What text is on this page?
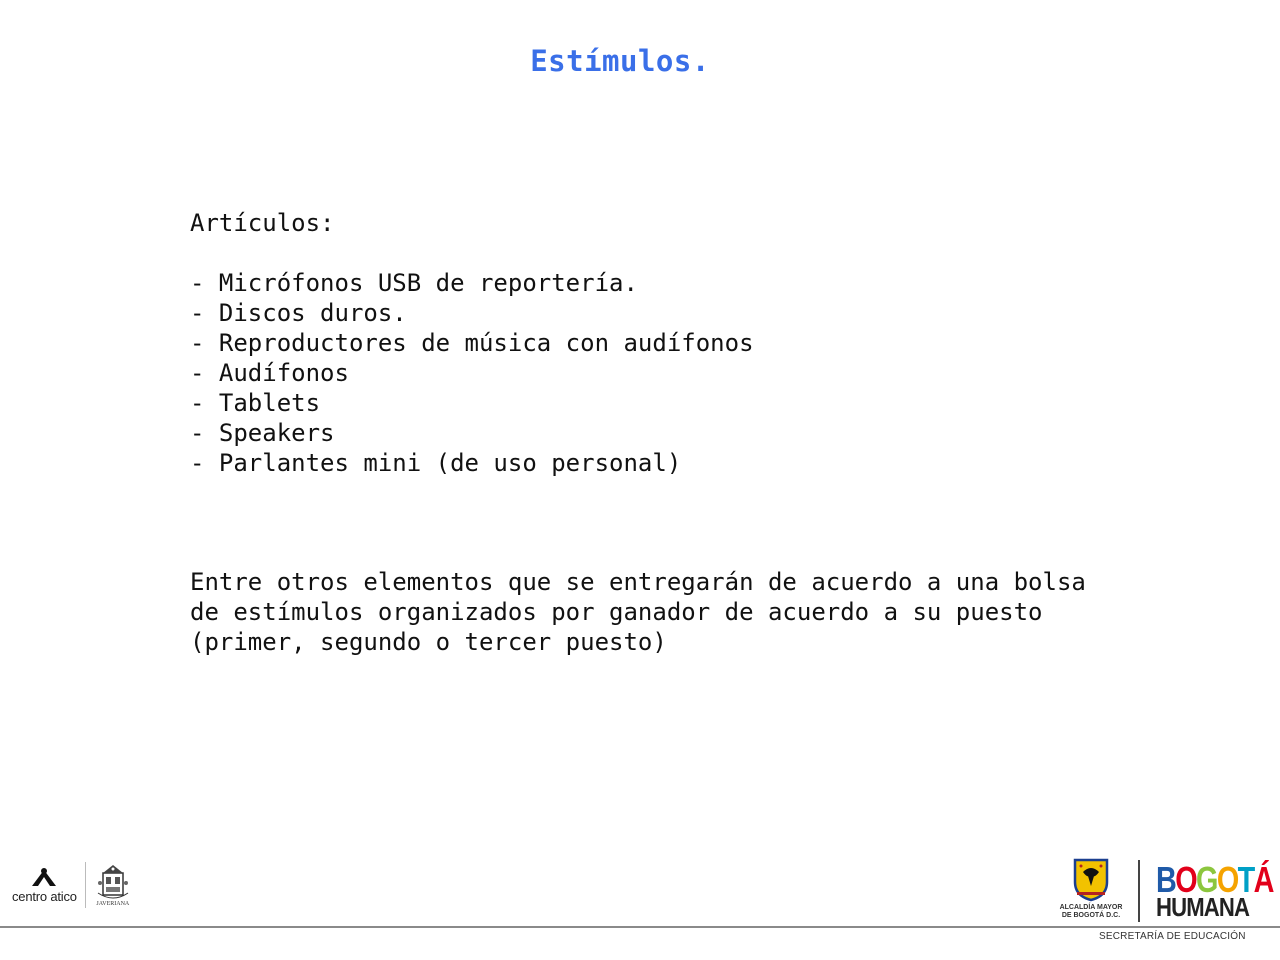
Estímulos.

Artículos:

- Micrófonos USB de reportería.
- Discos duros.
- Reproductores de música con audífonos
- Audífonos
- Tablets
- Speakers
- Parlantes mini (de uso personal)

Entre otros elementos que se entregarán de acuerdo a una bolsa
de estímulos organizados por ganador de acuerdo a su puesto
(primer, segundo o tercer puesto)

centro atico	JAVERIANA	ALCALDÍA MAYOR
DE BOGOTÁ D.C.
BOGOTÁ
HUMANA
SECRETARÍA DE EDUCACIÓN
